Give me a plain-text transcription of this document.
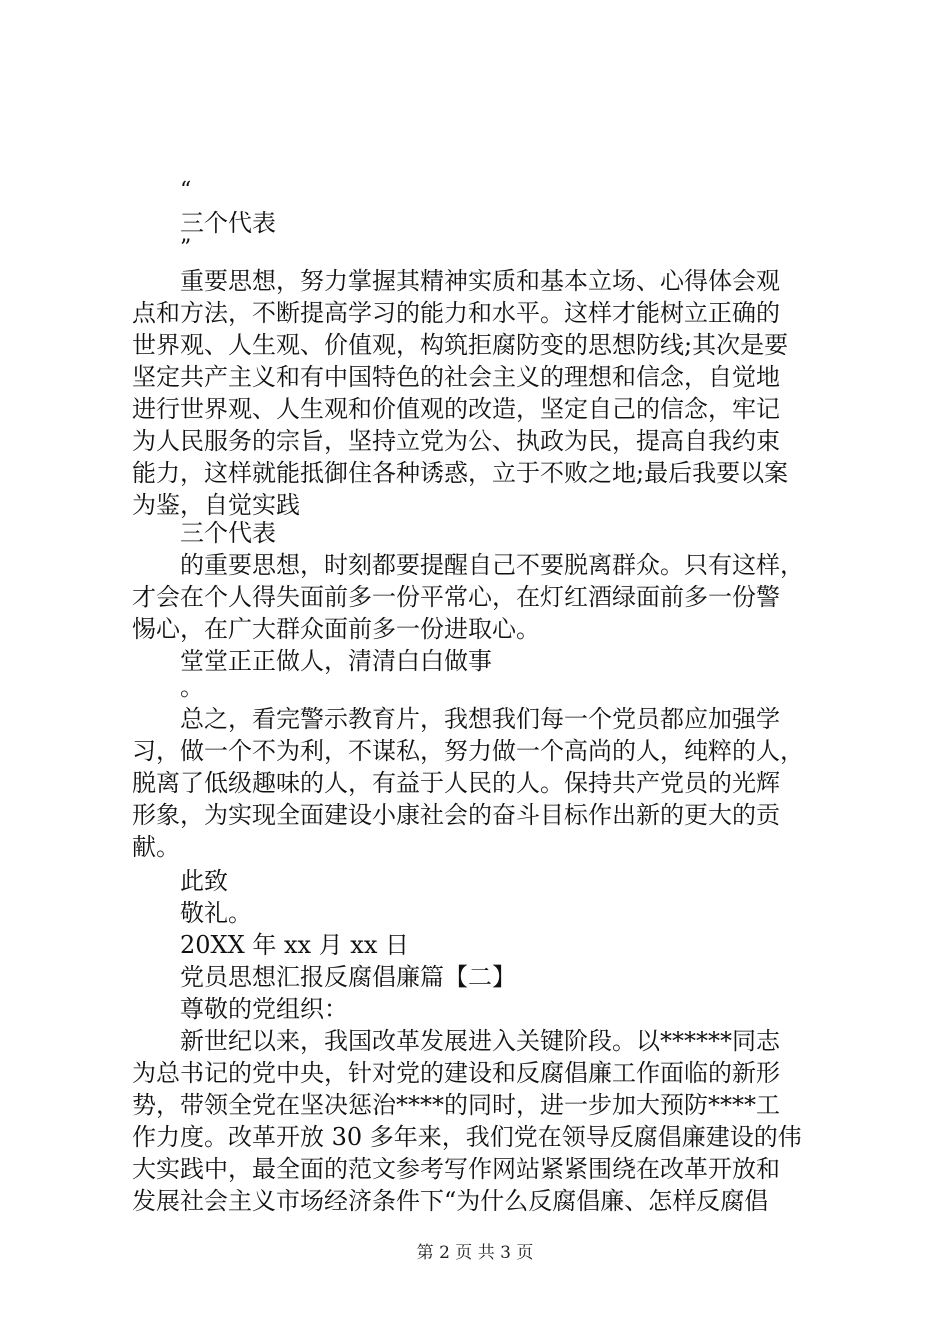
“
三个代表
”
重要思想，努力掌握其精神实质和基本立场、心得体会观
点和方法，不断提高学习的能力和水平。这样才能树立正确的
世界观、人生观、价值观，构筑拒腐防变的思想防线;其次是要
坚定共产主义和有中国特色的社会主义的理想和信念，自觉地
进行世界观、人生观和价值观的改造，坚定自己的信念，牢记
为人民服务的宗旨，坚持立党为公、执政为民，提高自我约束
能力，这样就能抵御住各种诱惑，立于不败之地;最后我要以案
为鉴，自觉实践
三个代表
的重要思想，时刻都要提醒自己不要脱离群众。只有这样，
才会在个人得失面前多一份平常心，在灯红酒绿面前多一份警
惕心，在广大群众面前多一份进取心。
堂堂正正做人，清清白白做事
。
总之，看完警示教育片，我想我们每一个党员都应加强学
习，做一个不为利，不谋私，努力做一个高尚的人，纯粹的人，
脱离了低级趣味的人，有益于人民的人。保持共产党员的光辉
形象，为实现全面建设小康社会的奋斗目标作出新的更大的贡
献。
此致
敬礼。
20XX 年 xx 月 xx 日
党员思想汇报反腐倡廉篇【二】
尊敬的党组织：
新世纪以来，我国改革发展进入关键阶段。以******同志
为总书记的党中央，针对党的建设和反腐倡廉工作面临的新形
势，带领全党在坚决惩治****的同时，进一步加大预防****工
作力度。改革开放 30 多年来，我们党在领导反腐倡廉建设的伟
大实践中，最全面的范文参考写作网站紧紧围绕在改革开放和
发展社会主义市场经济条件下“为什么反腐倡廉、怎样反腐倡
第 2 页 共 3 页
